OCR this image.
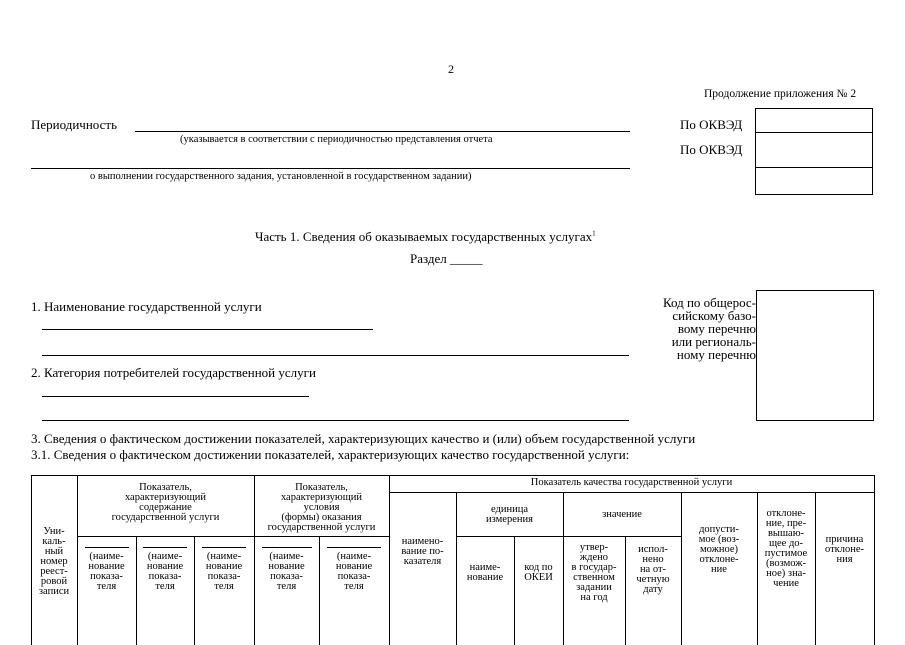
2
Продолжение приложения № 2
Периодичность
(указывается в соответствии с периодичностью представления отчета
о выполнении государственного задания, установленной в государственном задании)
По ОКВЭД
По ОКВЭД
Часть 1. Сведения об оказываемых государственных услугах$^1$
Раздел _____
1. Наименование государственной услуги
2. Категория потребителей государственной услуги
Код по общерос-
сийскому базо-
вому перечню
или региональ-
ному перечню
3. Сведения о фактическом достижении показателей, характеризующих качество и (или) объем государственной услуги
3.1. Сведения о фактическом достижении показателей, характеризующих качество государственной услуги:
Уни-
каль-
ный
номер
реест-
ровой
записи
Показатель,
характеризующий
содержание
государственной услуги
Показатель,
характеризующий
условия
(формы) оказания
государственной услуги
Показатель качества государственной услуги
наимено-
вание по-
казателя
единица
измерения	значение
допусти-
мое (воз-
можное)
отклоне-
ние
отклоне-
ние, пре-
вышаю-
щее до-
пустимое
(возмож-
ное) зна-
чение
причина
отклоне-
ния
(наиме-
нование
показа-
теля
(наиме-
нование
показа-
теля
(наиме-
нование
показа-
теля
(наиме-
нование
показа-
теля
(наиме-
нование
показа-
теля
наиме-
нование
код по
ОКЕИ
утвер-
ждено
в государ-
ственном
задании
на год
испол-
нено
на от-
четную
дату
